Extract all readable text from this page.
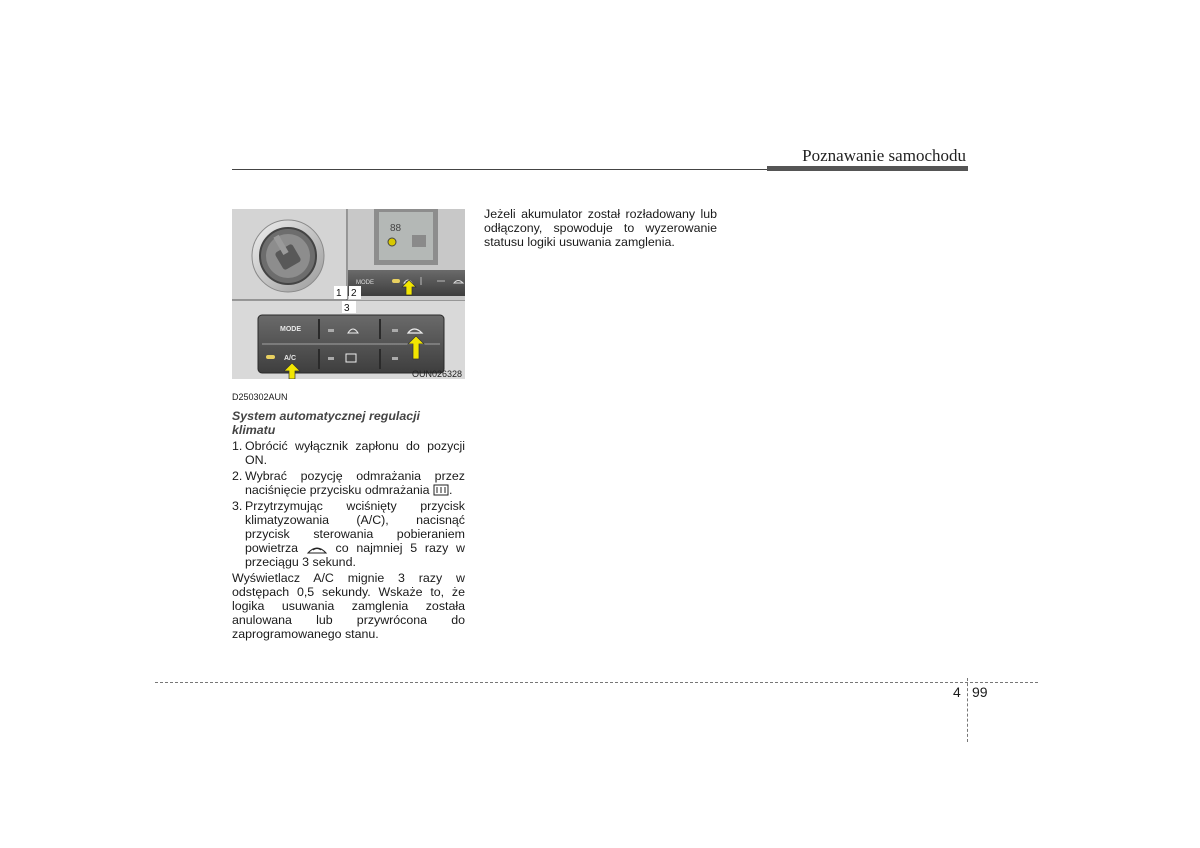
Poznawanie samochodu
88
MODE
1 2
3
MODE
A/C
OUN026328
D250302AUN
System automatycznej regulacji klimatu
1. Obrócić wyłącznik zapłonu do pozycji ON.
2. Wybrać pozycję odmrażania przez naciśnięcie przycisku odmrażania .
3. Przytrzymując wciśnięty przycisk klimatyzowania (A/C), nacisnąć przycisk sterowania pobieraniem powietrza	co najmniej 5 razy w przeciągu 3 sekund.
Wyświetlacz A/C mignie 3 razy w odstępach 0,5 sekundy. Wskaże to, że logika usuwania zamglenia została anulowana lub przywrócona do zaprogramowanego stanu.
Jeżeli akumulator został rozładowany lub odłączony, spowoduje to wyzerowanie statusu logiki usuwania zamglenia.
4 99
